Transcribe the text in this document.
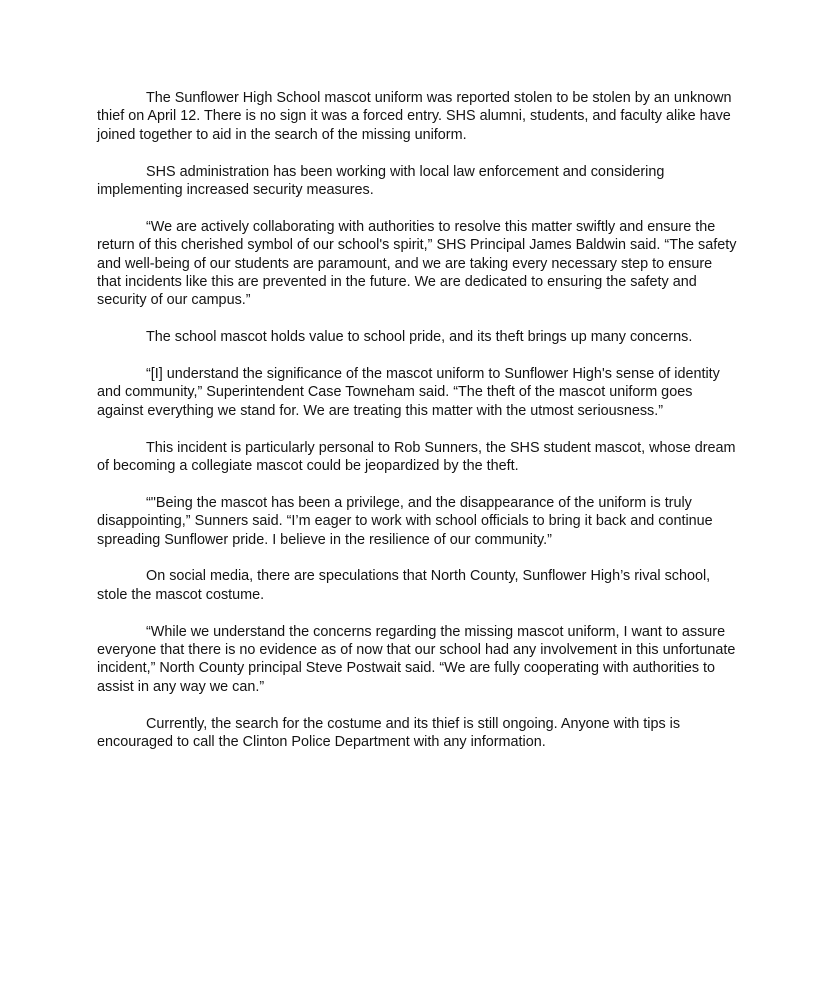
The Sunflower High School mascot uniform was reported stolen to be stolen by an unknown thief on April 12. There is no sign it was a forced entry. SHS alumni, students, and faculty alike have joined together to aid in the search of the missing uniform.

SHS administration has been working with local law enforcement and considering implementing increased security measures.

“We are actively collaborating with authorities to resolve this matter swiftly and ensure the return of this cherished symbol of our school's spirit,” SHS Principal James Baldwin said. “The safety and well-being of our students are paramount, and we are taking every necessary step to ensure that incidents like this are prevented in the future. We are dedicated to ensuring the safety and security of our campus.”

The school mascot holds value to school pride, and its theft brings up many concerns.

“[I] understand the significance of the mascot uniform to Sunflower High's sense of identity and community,” Superintendent Case Towneham said. “The theft of the mascot uniform goes against everything we stand for. We are treating this matter with the utmost seriousness.”

This incident is particularly personal to Rob Sunners, the SHS student mascot, whose dream of becoming a collegiate mascot could be jeopardized by the theft.

“"Being the mascot has been a privilege, and the disappearance of the uniform is truly disappointing,” Sunners said. “I’m eager to work with school officials to bring it back and continue spreading Sunflower pride. I believe in the resilience of our community.”

On social media, there are speculations that North County, Sunflower High’s rival school, stole the mascot costume.

“While we understand the concerns regarding the missing mascot uniform, I want to assure everyone that there is no evidence as of now that our school had any involvement in this unfortunate incident,” North County principal Steve Postwait said. “We are fully cooperating with authorities to assist in any way we can.”

Currently, the search for the costume and its thief is still ongoing. Anyone with tips is encouraged to call the Clinton Police Department with any information.
